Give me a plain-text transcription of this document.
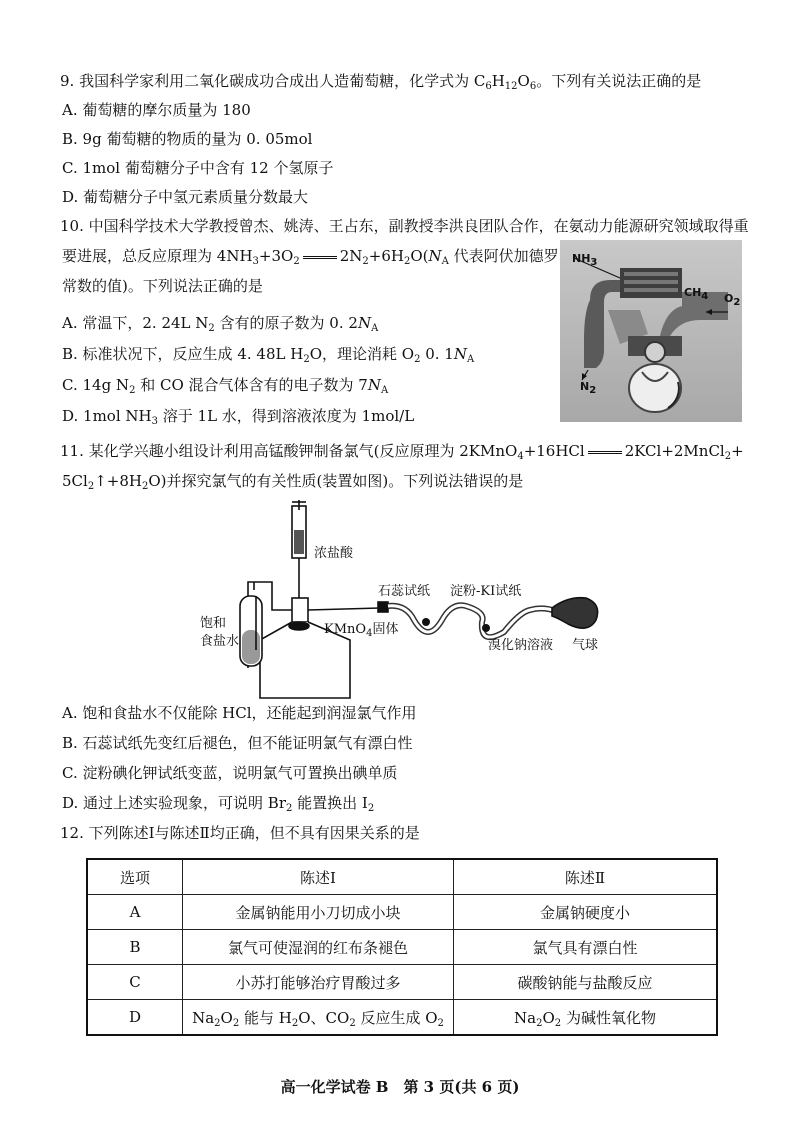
9. 我国科学家利用二氧化碳成功合成出人造葡萄糖，化学式为 $C_6H_{12}O_6$。下列有关说法正确的是
A. 葡萄糖的摩尔质量为 180
B. 9g 葡萄糖的物质的量为 0. 05mol
C. 1mol 葡萄糖分子中含有 12 个氢原子
D. 葡萄糖分子中氢元素质量分数最大
10. 中国科学技术大学教授曾杰、姚涛、王占东，副教授李洪良团队合作，在氨动力能源研究领域取得重
要进展，总反应原理为 $4NH_3+3O_2$	$2N_2+6H_2O(N_A$ 代表阿伏加德罗
常数的值)。下列说法正确的是
A. 常温下，2. 24L $N_2$ 含有的原子数为 0. $2N_A$
B. 标准状况下，反应生成 4. 48L $H_2O$，理论消耗 $O_2$ 0. $1N_A$
C. 14g $N_2$ 和 CO 混合气体含有的电子数为 $7N_A$
D. 1mol $NH_3$ 溶于 1L 水，得到溶液浓度为 1mol/L
$NH_3$
$CH_4$ $O_2$
$N_2$
11. 某化学兴趣小组设计利用高锰酸钾制备氯气(反应原理为 2KMnO$_4$+16HCl	2KCl+2MnCl$_2$+
$5Cl_2↑+8H_2O$)并探究氯气的有关性质(装置如图)。下列说法错误的是
浓盐酸
饱和
食盐水
KMnO$_4$固体
石蕊试纸 淀粉-KI试纸
溴化钠溶液 气球
A. 饱和食盐水不仅能除 HCl，还能起到润湿氯气作用
B. 石蕊试纸先变红后褪色，但不能证明氯气有漂白性
C. 淀粉碘化钾试纸变蓝，说明氯气可置换出碘单质
D. 通过上述实验现象，可说明 $Br_2$ 能置换出 $I_2$
12. 下列陈述Ⅰ与陈述Ⅱ均正确，但不具有因果关系的是
选项	陈述Ⅰ	陈述Ⅱ
A	金属钠能用小刀切成小块	金属钠硬度小
B	氯气可使湿润的红布条褪色	氯气具有漂白性
C	小苏打能够治疗胃酸过多	碳酸钠能与盐酸反应
D	$Na_2O_2$ 能与 $H_2O$、$CO_2$ 反应生成 $O_2$	$Na_2O_2$ 为碱性氧化物
高一化学试卷 B　第 3 页(共 6 页)
